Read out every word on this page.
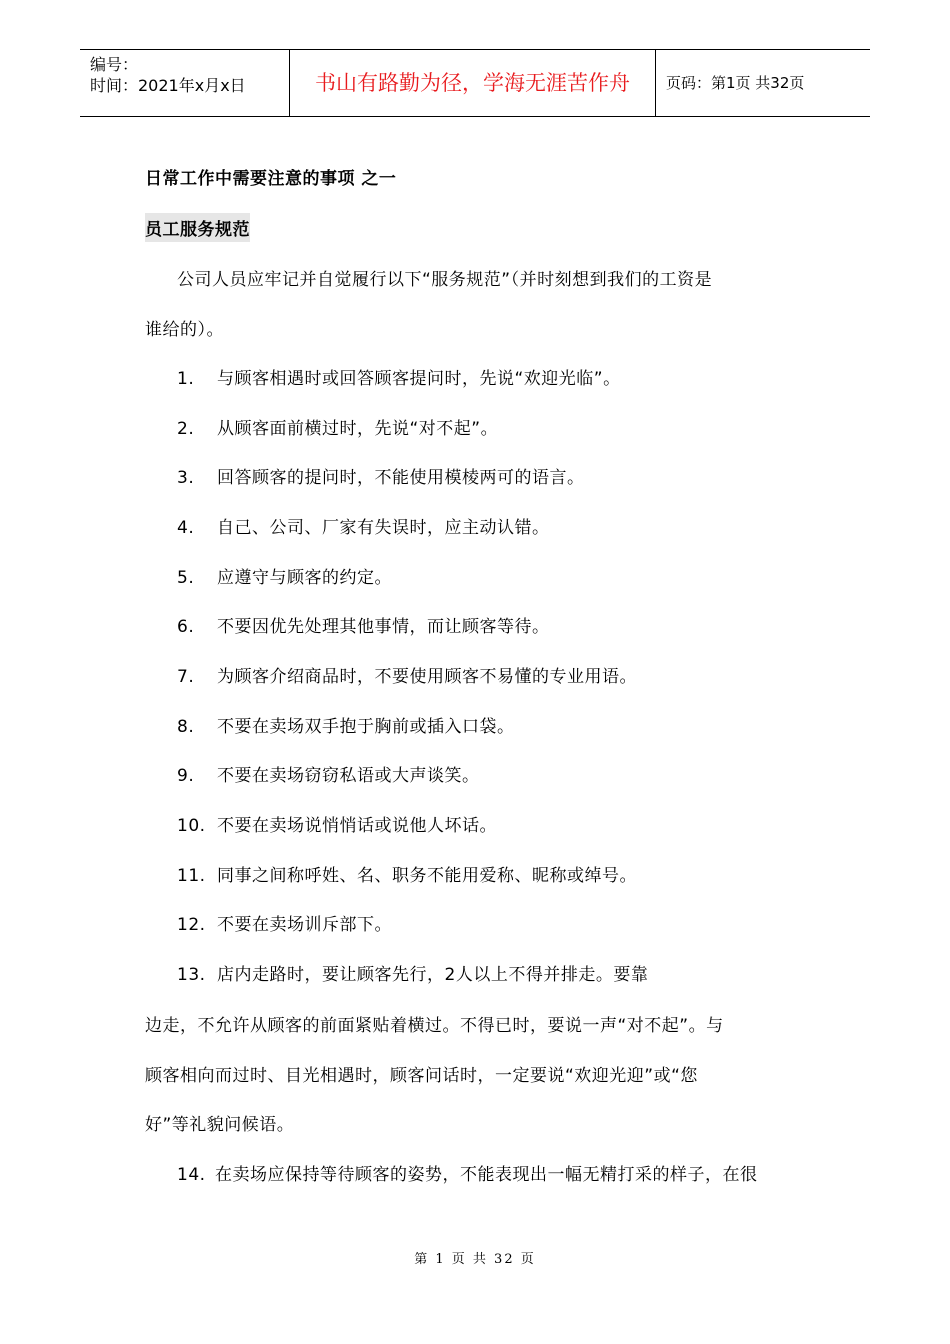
编号：
时间：2021年x月x日	书山有路勤为径，学海无涯苦作舟	页码：第1页 共32页
日常工作中需要注意的事项 之一
员工服务规范
公司人员应牢记并自觉履行以下“服务规范”（并时刻想到我们的工资是
谁给的）。
1. 与顾客相遇时或回答顾客提问时，先说“欢迎光临”。
2. 从顾客面前横过时，先说“对不起”。
3. 回答顾客的提问时，不能使用模棱两可的语言。
4. 自己、公司、厂家有失误时，应主动认错。
5. 应遵守与顾客的约定。
6. 不要因优先处理其他事情，而让顾客等待。
7. 为顾客介绍商品时，不要使用顾客不易懂的专业用语。
8. 不要在卖场双手抱于胸前或插入口袋。
9. 不要在卖场窃窃私语或大声谈笑。
10. 不要在卖场说悄悄话或说他人坏话。
11. 同事之间称呼姓、名、职务不能用爱称、昵称或绰号。
12. 不要在卖场训斥部下。
13. 店内走路时，要让顾客先行，2人以上不得并排走。要靠
边走，不允许从顾客的前面紧贴着横过。不得已时，要说一声“对不起”。与
顾客相向而过时、目光相遇时，顾客问话时，一定要说“欢迎光迎”或“您
好”等礼貌问候语。
14. 在卖场应保持等待顾客的姿势，不能表现出一幅无精打采的样子，在很
第 1 页 共 32 页
